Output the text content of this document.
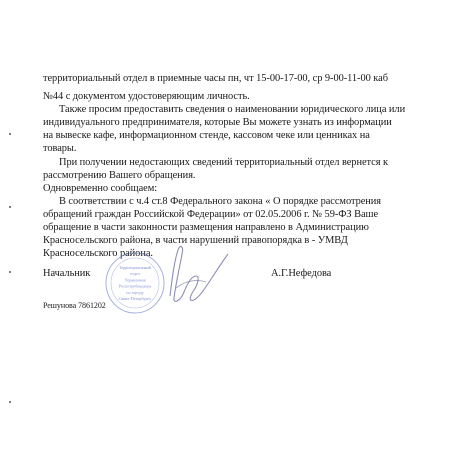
территориальный отдел в приемные часы пн, чт 15-00-17-00, ср 9-00-11-00 каб
№44 с документом удостоверяющим личность.
Также просим предоставить сведения о наименовании юридического лица или
индивидуального предпринимателя, которые Вы можете узнать из информации
на вывеске кафе, информационном стенде, кассовом чеке или ценниках на
товары.
При получении недостающих сведений территориальный отдел вернется к
рассмотрению Вашего обращения.
Одновременно сообщаем:
В соответствии с ч.4 ст.8 Федерального закона « О порядке рассмотрения
обращений граждан Российской Федерации» от 02.05.2006 г. № 59-ФЗ Ваше
обращение в части законности размещения направлено в Администрацию
Красносельского района, в части нарушений правопорядка в - УМВД
Красносельского района.
Начальник	А.Г.Нефедова
Решунова 7861202
Территориальный
отдел
Управления
Роспотребнадзора
по городу
Санкт-Петербургу
